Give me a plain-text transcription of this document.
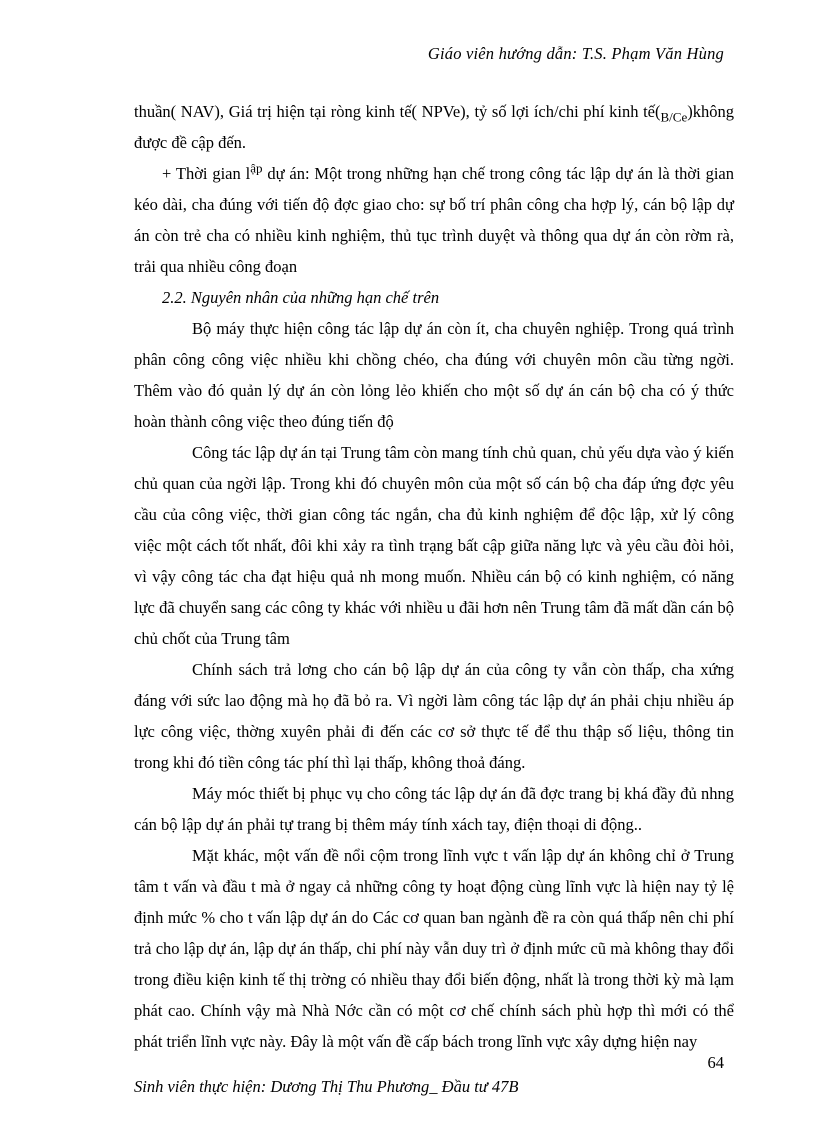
Giáo viên hướng dẫn: T.S. Phạm Văn Hùng

thuần( NAV), Giá trị hiện tại ròng kinh tế( NPVe), tỷ số lợi ích/chi phí kinh $tế(_{B/Ce})không$ được đề cập đến.

+ Thời gian $l^{ập}$ dự án: Một trong những hạn chế trong công tác lập dự án là thời gian kéo dài, cha đúng với tiến độ đợc giao cho: sự bố trí phân công cha hợp lý, cán bộ lập dự án còn trẻ cha có nhiều kinh nghiệm, thủ tục trình duyệt và thông qua dự án còn rờm rà, trải qua nhiều công đoạn

2.2. Nguyên nhân của những hạn chế trên

Bộ máy thực hiện công tác lập dự án còn ít, cha chuyên nghiệp. Trong quá trình phân công công việc nhiều khi chồng chéo, cha đúng với chuyên môn cầu từng ngời. Thêm vào đó quản lý dự án còn lỏng lẻo khiến cho một số dự án cán bộ cha có ý thức hoàn thành công việc theo đúng tiến độ

Công tác lập dự án tại Trung tâm còn mang tính chủ quan, chủ yếu dựa vào ý kiến chủ quan của ngời lập. Trong khi đó chuyên môn của một số cán bộ cha đáp ứng đợc yêu cầu của công việc, thời gian công tác ngắn, cha đủ kinh nghiệm để độc lập, xử lý công việc một cách tốt nhất, đôi khi xảy ra tình trạng bất cập giữa năng lực và yêu cầu đòi hỏi, vì vậy công tác cha đạt hiệu quả nh mong muốn. Nhiều cán bộ có kinh nghiệm, có năng lực đã chuyển sang các công ty khác với nhiều u đãi hơn nên Trung tâm đã mất dần cán bộ chủ chốt của Trung tâm

Chính sách trả lơng cho cán bộ lập dự án của công ty vẫn còn thấp, cha xứng đáng với sức lao động mà họ đã bỏ ra. Vì ngời làm công tác lập dự án phải chịu nhiều áp lực công việc, thờng xuyên phải đi đến các cơ sở thực tế để thu thập số liệu, thông tin trong khi đó tiền công tác phí thì lại thấp, không thoả đáng.

Máy móc thiết bị phục vụ cho công tác lập dự án đã đợc trang bị khá đầy đủ nhng cán bộ lập dự án phải tự trang bị thêm máy tính xách tay, điện thoại di động..

Mặt khác, một vấn đề nổi cộm trong lĩnh vực t vấn lập dự án không chỉ ở Trung tâm t vấn và đầu t mà ở ngay cả những công ty hoạt động cùng lĩnh vực là hiện nay tỷ lệ định mức % cho t vấn lập dự án do Các cơ quan ban ngành đề ra còn quá thấp nên chi phí trả cho lập dự án, lập dự án thấp, chi phí này vẫn duy trì ở định mức cũ mà không thay đổi trong điều kiện kinh tế thị trờng có nhiều thay đổi biến động, nhất là trong thời kỳ mà lạm phát cao. Chính vậy mà Nhà Nớc cần có một cơ chế chính sách phù hợp thì mới có thể phát triển lĩnh vực này. Đây là một vấn đề cấp bách trong lĩnh vực xây dựng hiện nay

64
Sinh viên thực hiện: Dương Thị Thu Phương_ Đầu tư 47B
